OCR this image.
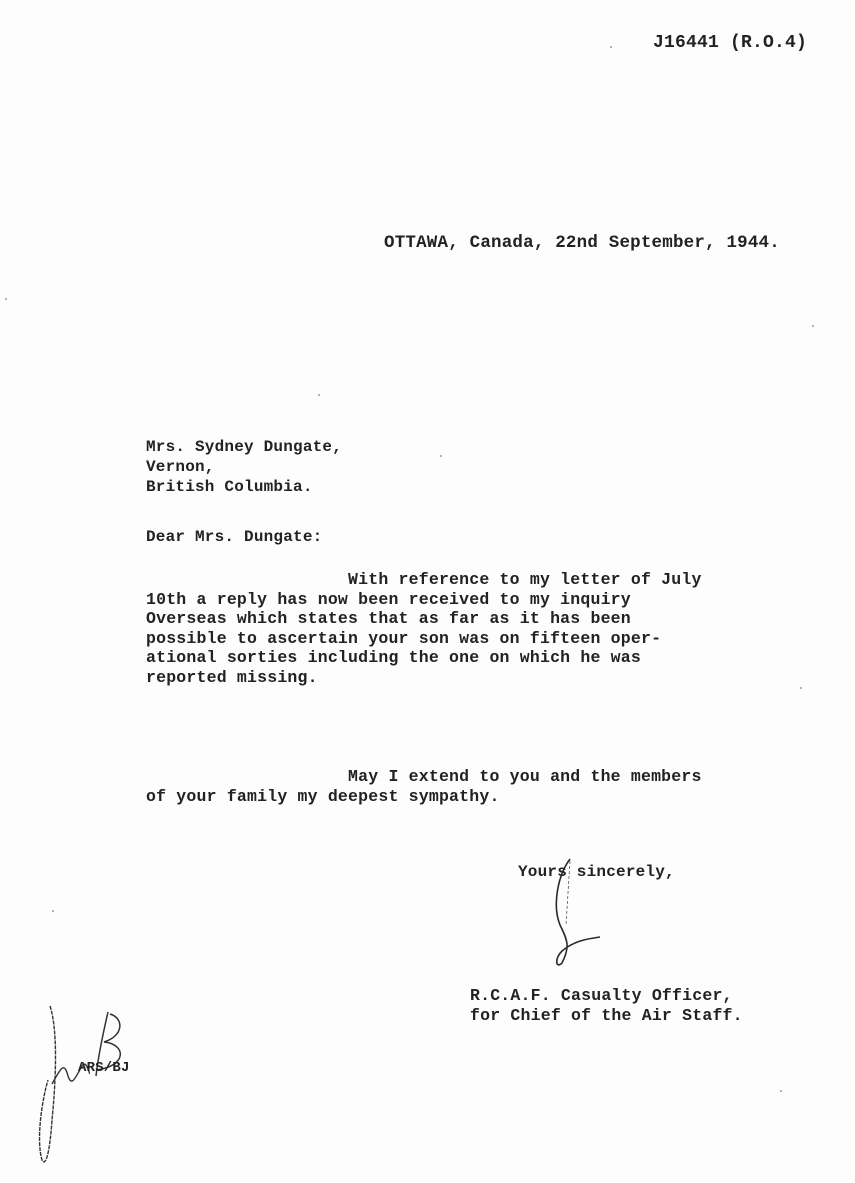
J16441 (R.O.4)
OTTAWA, Canada, 22nd September, 1944.
Mrs. Sydney Dungate,
Vernon,
British Columbia.
Dear Mrs. Dungate:
With reference to my letter of July
10th a reply has now been received to my inquiry
Overseas which states that as far as it has been
possible to ascertain your son was on fifteen oper-
ational sorties including the one on which he was
reported missing.
May I extend to you and the members
of your family my deepest sympathy.
Yours sincerely,
R.C.A.F. Casualty Officer,
for Chief of the Air Staff.
ARS/BJ
